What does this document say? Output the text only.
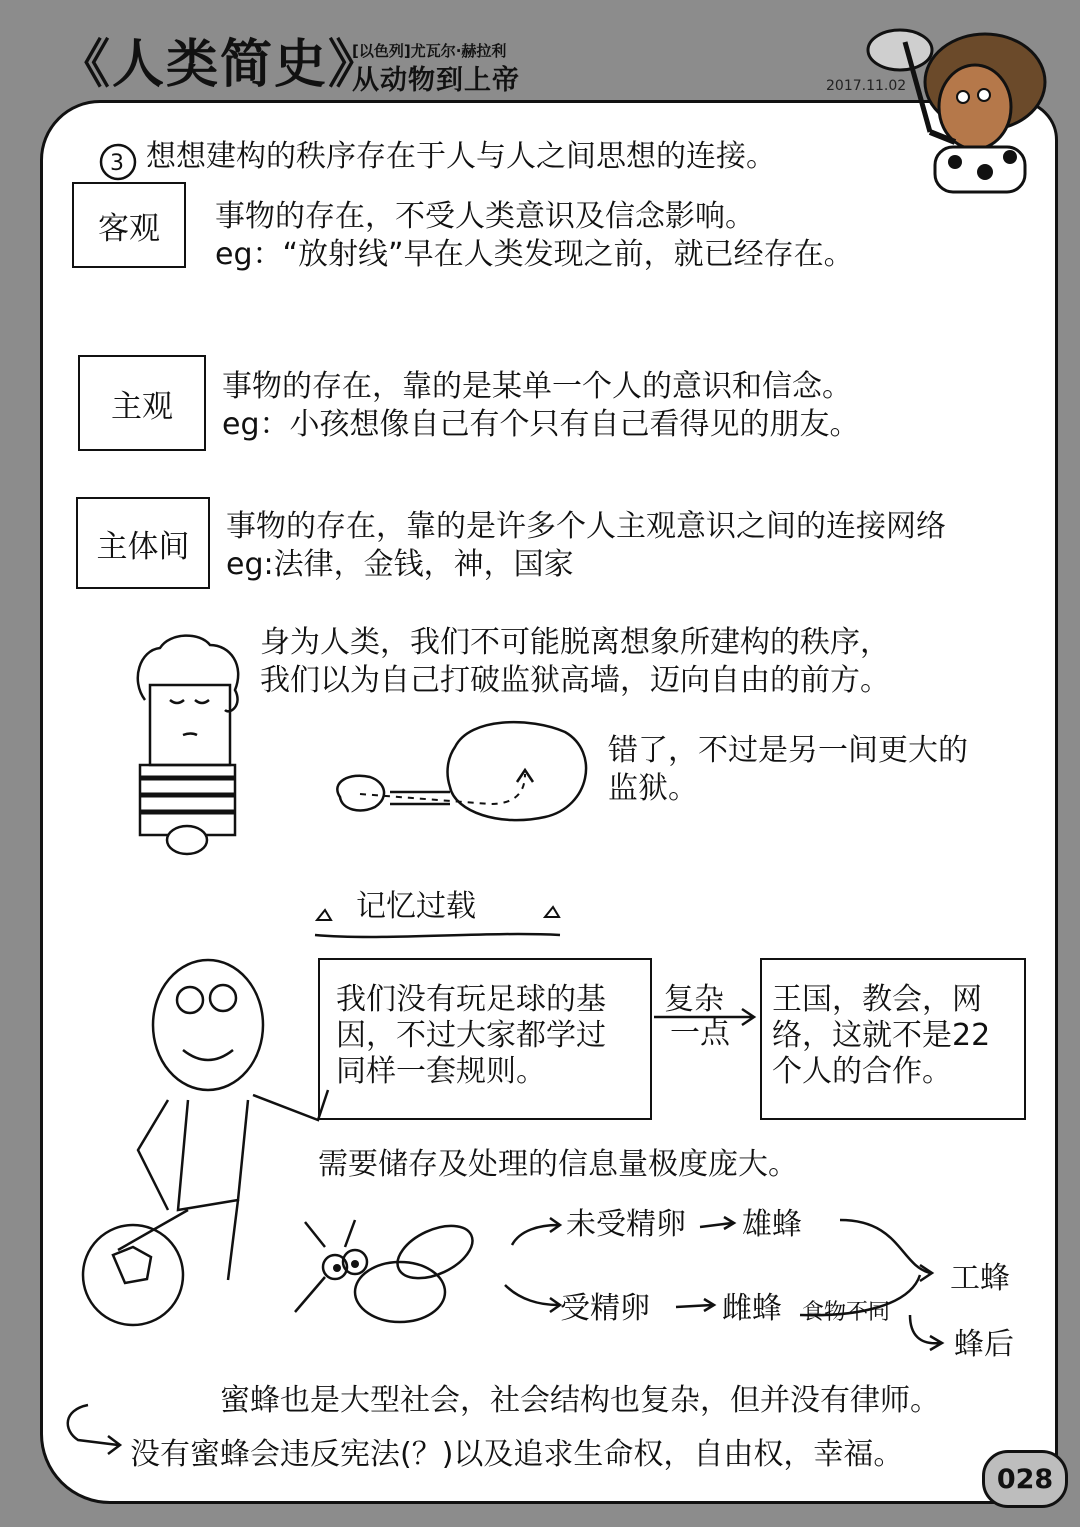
《人类简史》
[以色列]尤瓦尔·赫拉利
从动物到上帝	2017.11.02
3 想想建构的秩序存在于人与人之间思想的连接。
客观	事物的存在，不受人类意识及信念影响。
eg：“放射线”早在人类发现之前，就已经存在。
主观
事物的存在，靠的是某单一个人的意识和信念。
eg：小孩想像自己有个只有自己看得见的朋友。
主体间
事物的存在，靠的是许多个人主观意识之间的连接网络
eg:法律，金钱，神，国家
身为人类，我们不可能脱离想象所建构的秩序，
我们以为自己打破监狱高墙，迈向自由的前方。
错了，不过是另一间更大的
监狱。
记忆过载
我们没有玩足球的基
因，不过大家都学过
同样一套规则。
复杂
一点
王国，教会，网
络，这就不是22
个人的合作。
需要储存及处理的信息量极度庞大。
未受精卵 雄蜂
受精卵 雌蜂 食物不同
工蜂
蜂后
蜜蜂也是大型社会，社会结构也复杂，但并没有律师。
没有蜜蜂会违反宪法(？)以及追求生命权，自由权，幸福。
028
